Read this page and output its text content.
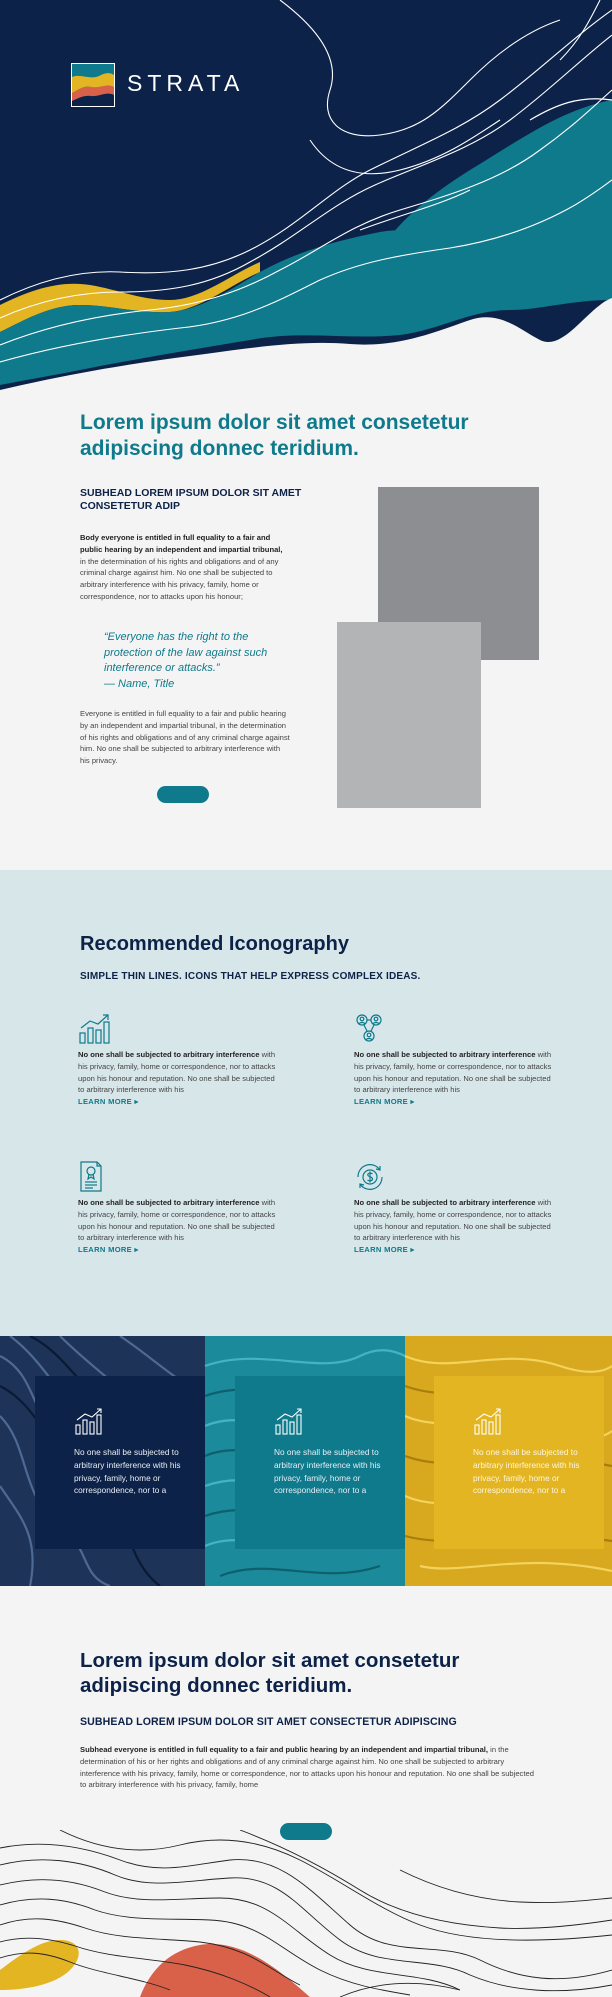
STRATA
Lorem ipsum dolor sit amet consetetur adipiscing donnec teridium.
SUBHEAD LOREM IPSUM DOLOR SIT AMET CONSETETUR ADIP
Body everyone is entitled in full equality to a fair and public hearing by an independent and impartial tribunal, in the determination of his rights and obligations and of any criminal charge against him. No one shall be subjected to arbitrary interference with his privacy, family, home or correspondence, nor to attacks upon his honour;
“Everyone has the right to the protection of the law against such interference or attacks.”
— Name, Title
Everyone is entitled in full equality to a fair and public hearing by an independent and impartial tribunal, in the determination of his rights and obligations and of any criminal charge against him. No one shall be subjected to arbitrary interference with his privacy.
Recommended Iconography
SIMPLE THIN LINES. ICONS THAT HELP EXPRESS COMPLEX IDEAS.
No one shall be subjected to arbitrary interference with his privacy, family, home or correspondence, nor to attacks upon his honour and reputation. No one shall be subjected to arbitrary interference with his
LEARN MORE ▸
No one shall be subjected to arbitrary interference with his privacy, family, home or correspondence, nor to attacks upon his honour and reputation. No one shall be subjected to arbitrary interference with his
LEARN MORE ▸
No one shall be subjected to arbitrary interference with his privacy, family, home or correspondence, nor to attacks upon his honour and reputation. No one shall be subjected to arbitrary interference with his
LEARN MORE ▸
No one shall be subjected to arbitrary interference with his privacy, family, home or correspondence, nor to attacks upon his honour and reputation. No one shall be subjected to arbitrary interference with his
LEARN MORE ▸
No one shall be subjected to arbitrary interference with his privacy, family, home or correspondence, nor to a
No one shall be subjected to arbitrary interference with his privacy, family, home or correspondence, nor to a
No one shall be subjected to arbitrary interference with his privacy, family, home or correspondence, nor to a
Lorem ipsum dolor sit amet consetetur adipiscing donnec teridium.
SUBHEAD LOREM IPSUM DOLOR SIT AMET CONSECTETUR ADIPISCING
Subhead everyone is entitled in full equality to a fair and public hearing by an independent and impartial tribunal, in the determination of his or her rights and obligations and of any criminal charge against him. No one shall be subjected to arbitrary interference with his privacy, family, home or correspondence, nor to attacks upon his honour and reputation. No one shall be subjected to arbitrary interference with his privacy, family, home
